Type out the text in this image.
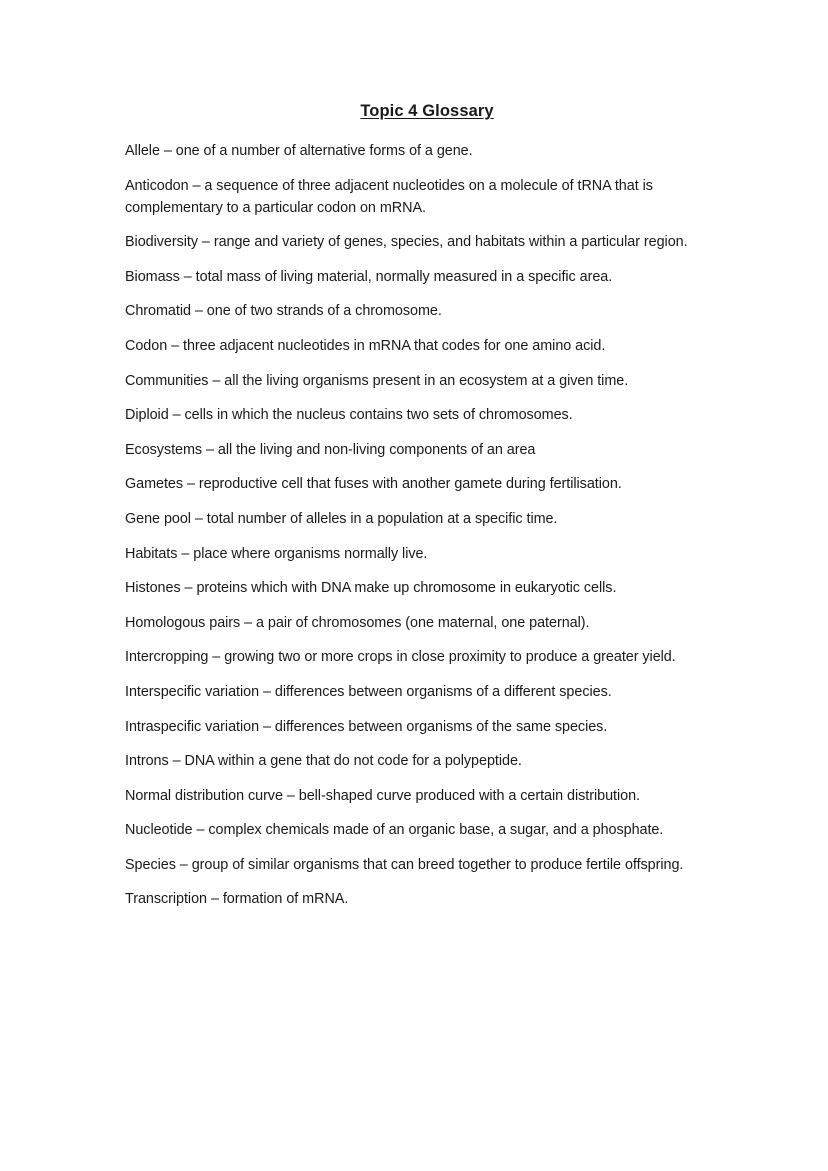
Topic 4 Glossary
Allele – one of a number of alternative forms of a gene.
Anticodon – a sequence of three adjacent nucleotides on a molecule of tRNA that is complementary to a particular codon on mRNA.
Biodiversity – range and variety of genes, species, and habitats within a particular region.
Biomass – total mass of living material, normally measured in a specific area.
Chromatid – one of two strands of a chromosome.
Codon – three adjacent nucleotides in mRNA that codes for one amino acid.
Communities – all the living organisms present in an ecosystem at a given time.
Diploid – cells in which the nucleus contains two sets of chromosomes.
Ecosystems – all the living and non-living components of an area
Gametes – reproductive cell that fuses with another gamete during fertilisation.
Gene pool – total number of alleles in a population at a specific time.
Habitats – place where organisms normally live.
Histones – proteins which with DNA make up chromosome in eukaryotic cells.
Homologous pairs – a pair of chromosomes (one maternal, one paternal).
Intercropping – growing two or more crops in close proximity to produce a greater yield.
Interspecific variation – differences between organisms of a different species.
Intraspecific variation – differences between organisms of the same species.
Introns – DNA within a gene that do not code for a polypeptide.
Normal distribution curve – bell-shaped curve produced with a certain distribution.
Nucleotide – complex chemicals made of an organic base, a sugar, and a phosphate.
Species – group of similar organisms that can breed together to produce fertile offspring.
Transcription – formation of mRNA.
